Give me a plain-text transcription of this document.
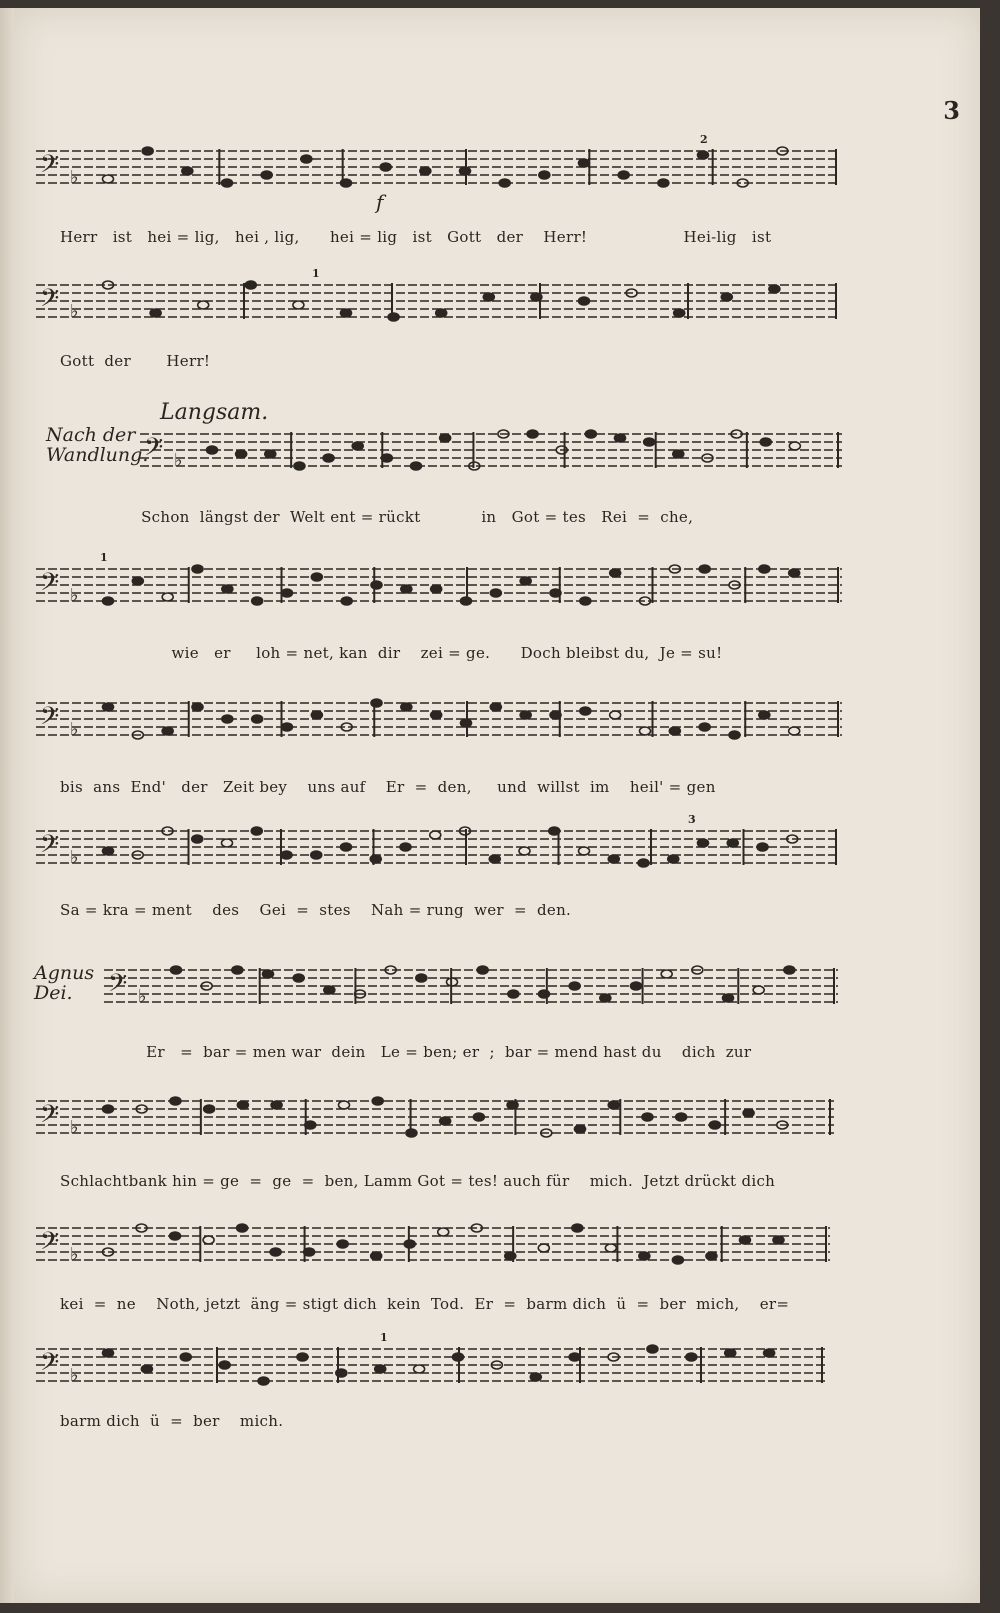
3
𝄢 ♭
Herr   ist   hei = lig,   hei , lig,      hei = lig   ist   Gott   der    Herr!                   Hei-lig   ist
f
2
𝄢 ♭
Gott  der       Herr!
1
𝄢 ♭
Schon  längst der  Welt ent = rückt            in   Got = tes   Rei  =  che,
Nach der
Wandlung.
Langsam.
𝄢 ♭
wie   er     loh = net, kan  dir    zei = ge.      Doch bleibst du,  Je = su!
1
𝄢 ♭
bis  ans  End'   der   Zeit bey    uns auf    Er  =  den,     und  willst  im    heil' = gen
𝄢 ♭
Sa = kra = ment    des    Gei  =  stes    Nah = rung  wer  =  den.
3
𝄢 ♭
Er   =  bar = men war  dein   Le = ben; er  ;  bar = mend hast du    dich  zur
Agnus
Dei.
𝄢 ♭
Schlachtbank hin = ge  =  ge  =  ben, Lamm Got = tes! auch für    mich.  Jetzt drückt dich
𝄢 ♭
kei  =  ne    Noth, jetzt  äng = stigt dich  kein  Tod.  Er  =  barm dich  ü  =  ber  mich,    er=
𝄢 ♭
barm dich  ü  =  ber    mich.
1
